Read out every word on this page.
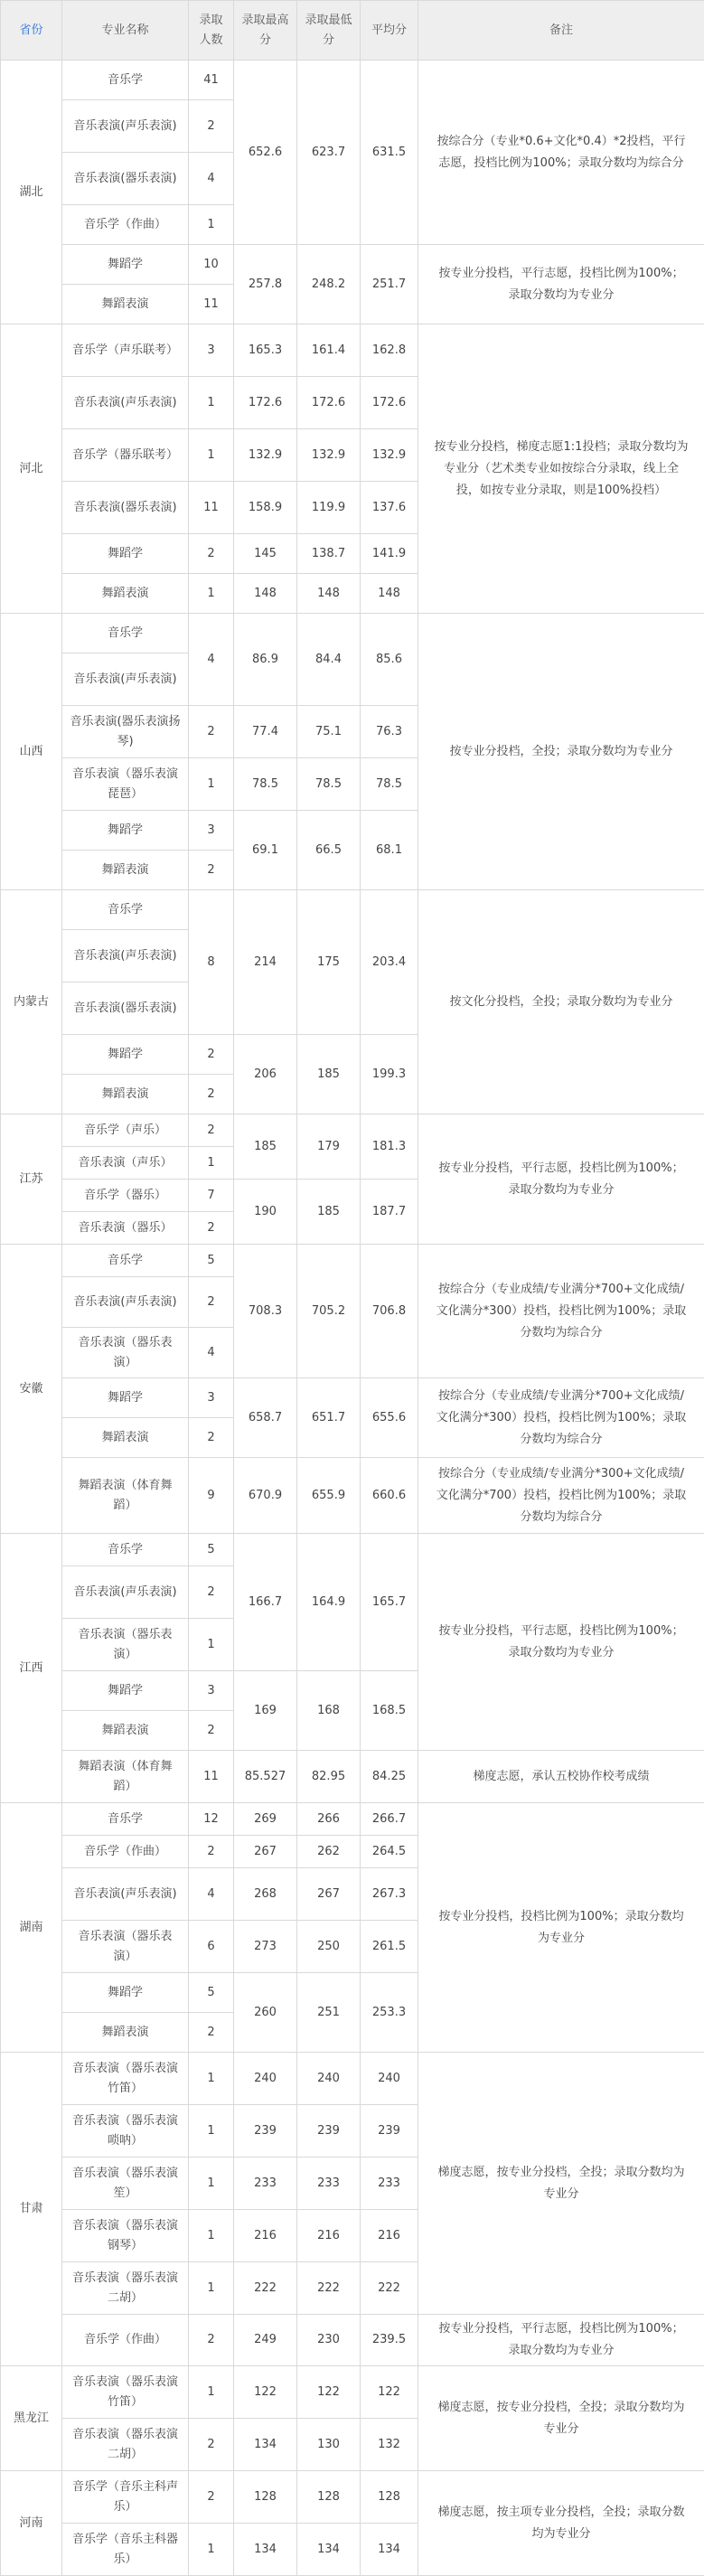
省份	专业名称	录取人数	录取最高分	录取最低分	平均分	备注
湖北	音乐学	41	652.6	623.7	631.5	按综合分（专业*0.6+文化*0.4）*2投档，平行志愿，投档比例为100%；录取分数均为综合分
	音乐表演(声乐表演)	2				
	音乐表演(器乐表演)	4				
	音乐学（作曲）	1				
	舞蹈学	10	257.8	248.2	251.7	按专业分投档，平行志愿，投档比例为100%；录取分数均为专业分
	舞蹈表演	11				
河北	音乐学（声乐联考）	3	165.3	161.4	162.8	按专业分投档，梯度志愿1:1投档；录取分数均为专业分（艺术类专业如按综合分录取，线上全投，如按专业分录取，则是100%投档）
	音乐表演(声乐表演)	1	172.6	172.6	172.6	
	音乐学（器乐联考）	1	132.9	132.9	132.9	
	音乐表演(器乐表演)	11	158.9	119.9	137.6	
	舞蹈学	2	145	138.7	141.9	
	舞蹈表演	1	148	148	148	
山西	音乐学	4	86.9	84.4	85.6	按专业分投档，全投；录取分数均为专业分
	音乐表演(声乐表演)					
	音乐表演(器乐表演扬琴)	2	77.4	75.1	76.3	
	音乐表演（器乐表演琵琶）	1	78.5	78.5	78.5	
	舞蹈学	3	69.1	66.5	68.1	
	舞蹈表演	2				
内蒙古	音乐学	8	214	175	203.4	按文化分投档，全投；录取分数均为专业分
	音乐表演(声乐表演)					
	音乐表演(器乐表演)					
	舞蹈学	2	206	185	199.3	
	舞蹈表演	2				
江苏	音乐学（声乐）	2	185	179	181.3	按专业分投档，平行志愿，投档比例为100%；录取分数均为专业分
	音乐表演（声乐）	1				
	音乐学（器乐）	7	190	185	187.7	
	音乐表演（器乐）	2				
安徽	音乐学	5	708.3	705.2	706.8	按综合分（专业成绩/专业满分*700+文化成绩/文化满分*300）投档，投档比例为100%；录取分数均为综合分
	音乐表演(声乐表演)	2				
	音乐表演（器乐表演）	4				
	舞蹈学	3	658.7	651.7	655.6	按综合分（专业成绩/专业满分*700+文化成绩/文化满分*300）投档，投档比例为100%；录取分数均为综合分
	舞蹈表演	2				
	舞蹈表演（体育舞蹈）	9	670.9	655.9	660.6	按综合分（专业成绩/专业满分*300+文化成绩/文化满分*700）投档，投档比例为100%；录取分数均为综合分
江西	音乐学	5	166.7	164.9	165.7	按专业分投档，平行志愿，投档比例为100%；录取分数均为专业分
	音乐表演(声乐表演)	2				
	音乐表演（器乐表演）	1				
	舞蹈学	3	169	168	168.5	
	舞蹈表演	2				
	舞蹈表演（体育舞蹈）	11	85.527	82.95	84.25	梯度志愿，承认五校协作校考成绩
湖南	音乐学	12	269	266	266.7	按专业分投档，投档比例为100%；录取分数均为专业分
	音乐学（作曲）	2	267	262	264.5	
	音乐表演(声乐表演)	4	268	267	267.3	
	音乐表演（器乐表演）	6	273	250	261.5	
	舞蹈学	5	260	251	253.3	
	舞蹈表演	2				
甘肃	音乐表演（器乐表演竹笛）	1	240	240	240	梯度志愿，按专业分投档，全投；录取分数均为专业分
	音乐表演（器乐表演唢呐）	1	239	239	239	
	音乐表演（器乐表演笙）	1	233	233	233	
	音乐表演（器乐表演钢琴）	1	216	216	216	
	音乐表演（器乐表演二胡）	1	222	222	222	
	音乐学（作曲）	2	249	230	239.5	按专业分投档，平行志愿，投档比例为100%；录取分数均为专业分
黑龙江	音乐表演（器乐表演竹笛）	1	122	122	122	梯度志愿，按专业分投档，全投；录取分数均为专业分
	音乐表演（器乐表演二胡）	2	134	130	132	
河南	音乐学（音乐主科声乐）	2	128	128	128	梯度志愿，按主项专业分投档，全投；录取分数均为专业分
	音乐学（音乐主科器乐）	1	134	134	134	
